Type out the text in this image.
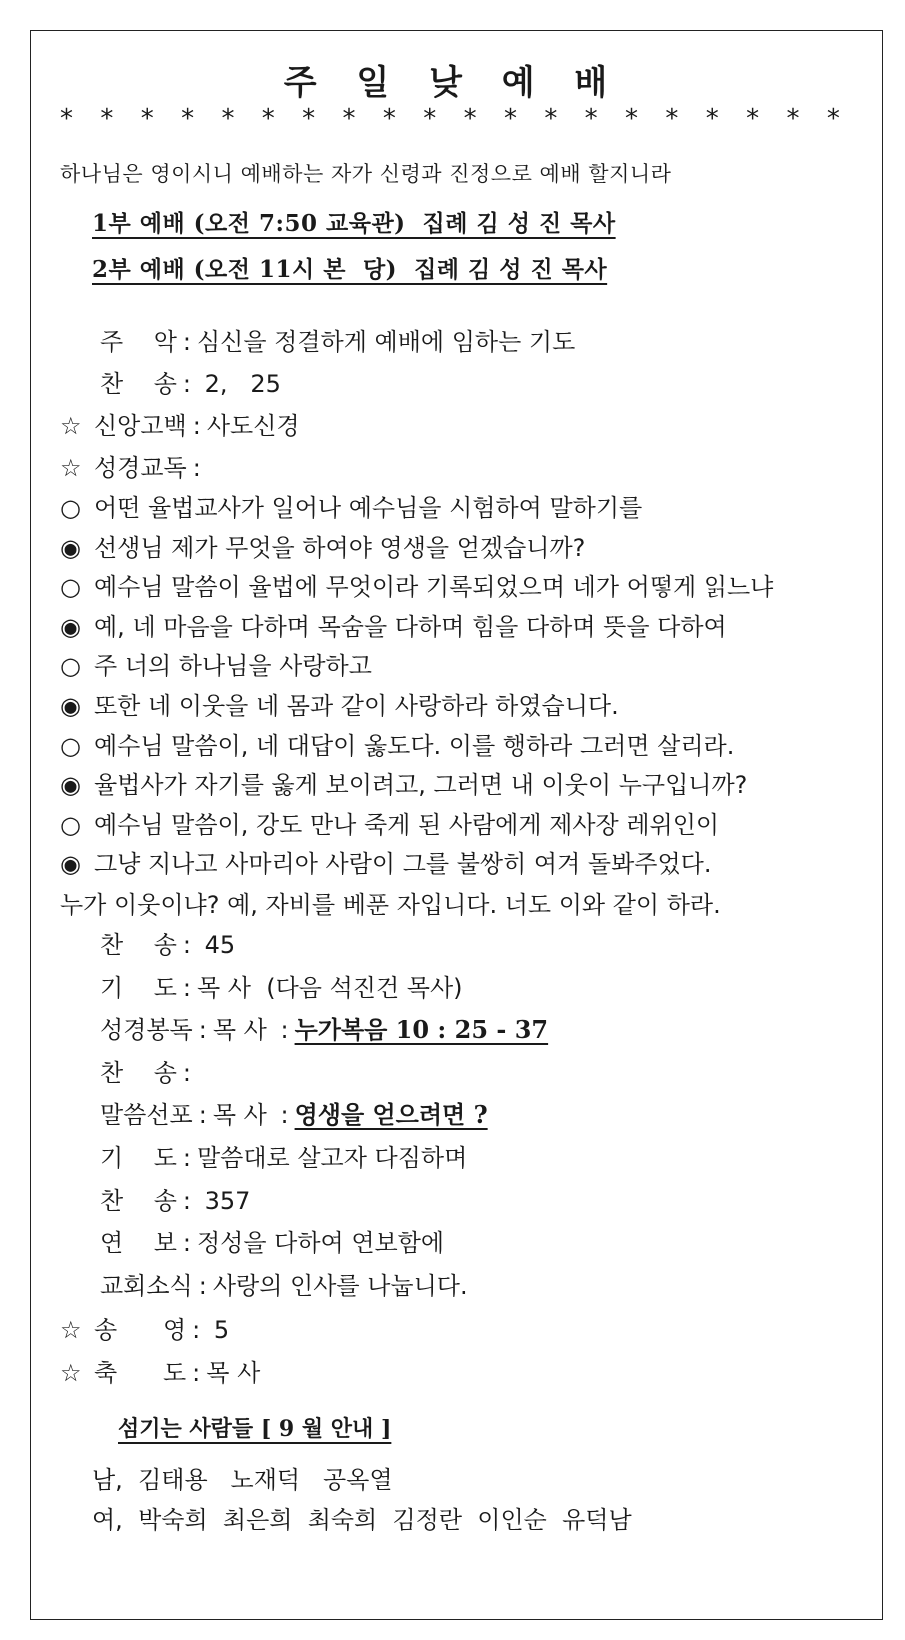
주 일 낮 예 배
* * * * * * * * * * * * * * * * * * * *
하나님은 영이시니 예배하는 자가 신령과 진정으로 예배 할지니라
1부 예배 (오전 7:50 교육관)  집례 김 성 진 목사
2부 예배 (오전 11시 본  당)  집례 김 성 진 목사
주    악 : 심신을 정결하게 예배에 임하는 기도
찬    송 : 2,   25
☆ 신앙고백 : 사도신경
☆ 성경교독 :
○ 어떤 율법교사가 일어나 예수님을 시험하여 말하기를
◉ 선생님 제가 무엇을 하여야 영생을 얻겠습니까?
○ 예수님 말씀이 율법에 무엇이라 기록되었으며 네가 어떻게 읽느냐
◉ 예, 네 마음을 다하며 목숨을 다하며 힘을 다하며 뜻을 다하여
○ 주 너의 하나님을 사랑하고
◉ 또한 네 이웃을 네 몸과 같이 사랑하라 하였습니다.
○ 예수님 말씀이, 네 대답이 옳도다. 이를 행하라 그러면 살리라.
◉ 율법사가 자기를 옳게 보이려고, 그러면 내 이웃이 누구입니까?
○ 예수님 말씀이, 강도 만나 죽게 된 사람에게 제사장 레위인이
◉ 그냥 지나고 사마리아 사람이 그를 불쌍히 여겨 돌봐주었다.
누가 이웃이냐? 예, 자비를 베푼 자입니다. 너도 이와 같이 하라.
찬    송 : 45
기    도 : 목 사  (다음 석진건 목사)
성경봉독 : 목 사 : 누가복음 10 : 25 - 37
찬    송 :
말씀선포 : 목 사 : 영생을 얻으려면 ?
기    도 : 말씀대로 살고자 다짐하며
찬    송 : 357
연    보 : 정성을 다하여 연보함에
교회소식 : 사랑의 인사를 나눕니다.
☆ 송      영 : 5
☆ 축      도 : 목 사
섬기는 사람들 [ 9 월 안내 ]
남,  김태용   노재덕   공옥열
여,  박숙희  최은희  최숙희  김정란  이인순  유덕남
